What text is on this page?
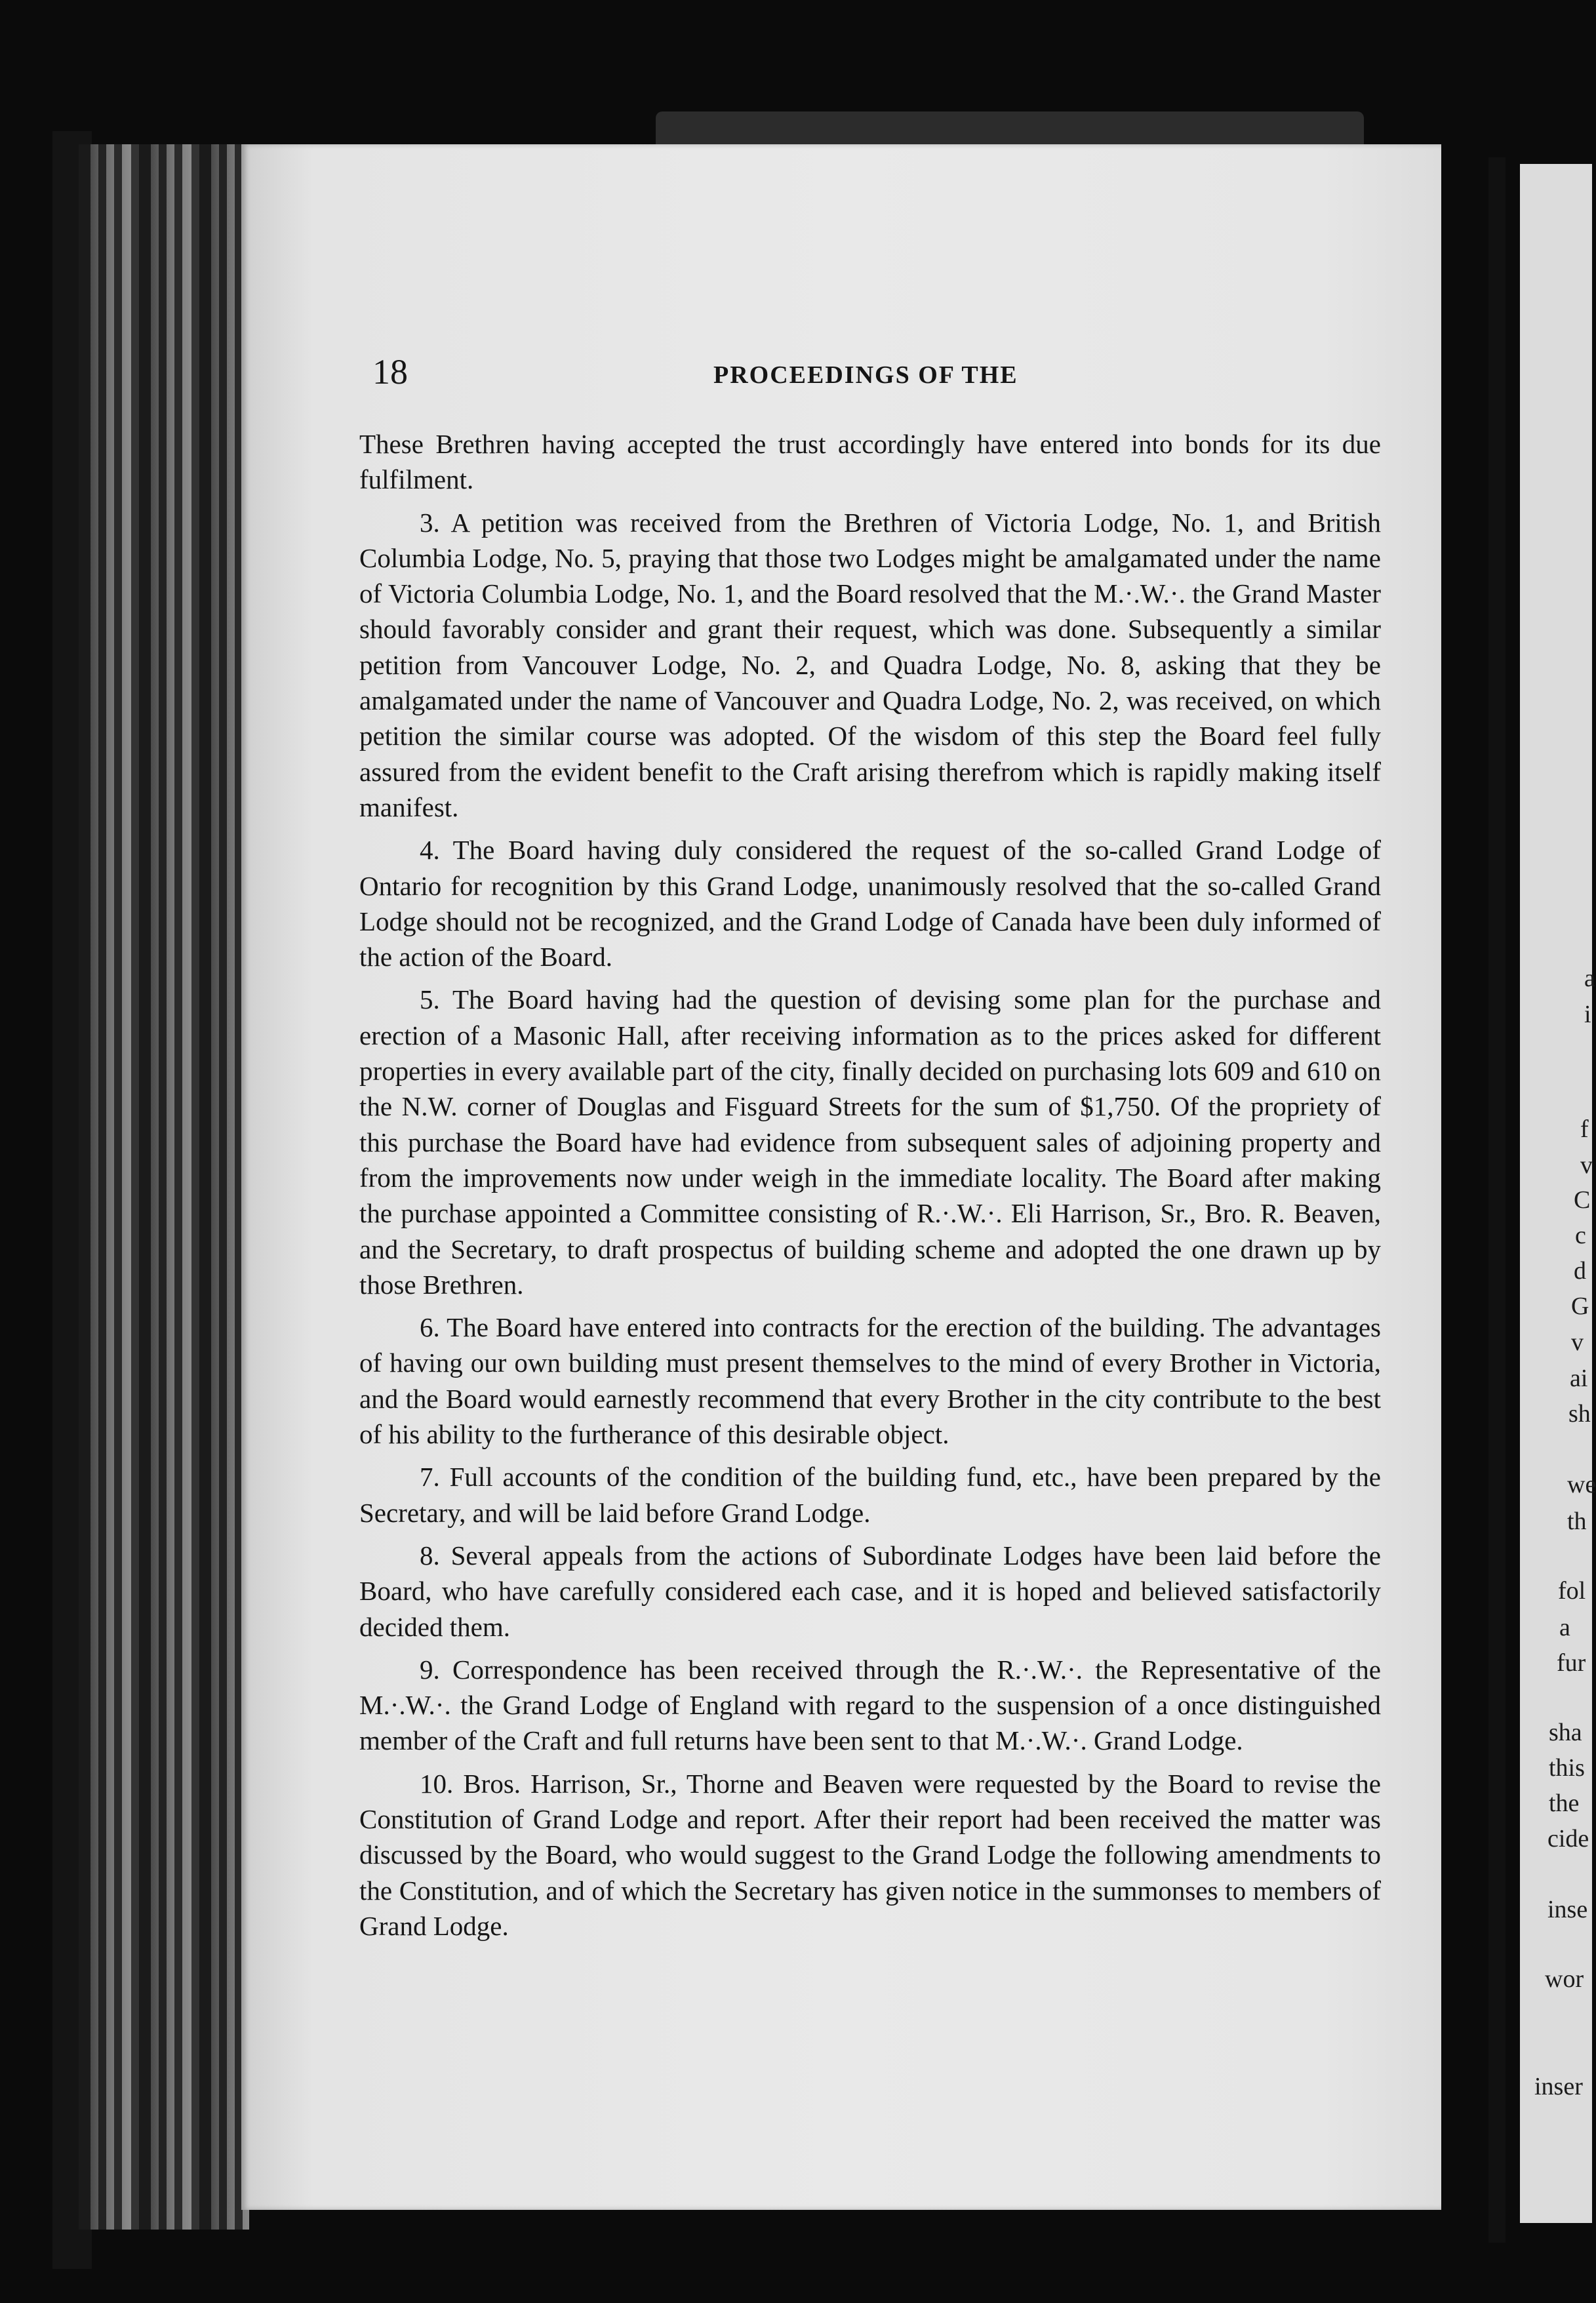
18	PROCEEDINGS OF THE

These Brethren having accepted the trust accordingly have entered into bonds for its due fulfilment.

3. A petition was received from the Brethren of Victoria Lodge, No. 1, and British Columbia Lodge, No. 5, praying that those two Lodges might be amalgamated under the name of Victoria Columbia Lodge, No. 1, and the Board resolved that the M.·.W.·. the Grand Master should favorably consider and grant their request, which was done. Subsequently a similar petition from Vancouver Lodge, No. 2, and Quadra Lodge, No. 8, asking that they be amalgamated under the name of Vancouver and Quadra Lodge, No. 2, was received, on which petition the similar course was adopted. Of the wisdom of this step the Board feel fully assured from the evident benefit to the Craft arising therefrom which is rapidly making itself manifest.

4. The Board having duly considered the request of the so-called Grand Lodge of Ontario for recognition by this Grand Lodge, unanimously resolved that the so-called Grand Lodge should not be recognized, and the Grand Lodge of Canada have been duly informed of the action of the Board.

5. The Board having had the question of devising some plan for the purchase and erection of a Masonic Hall, after receiving information as to the prices asked for different properties in every available part of the city, finally decided on purchasing lots 609 and 610 on the N.W. corner of Douglas and Fisguard Streets for the sum of $1,750. Of the propriety of this purchase the Board have had evidence from subsequent sales of adjoining property and from the improvements now under weigh in the immediate locality. The Board after making the purchase appointed a Committee consisting of R.·.W.·. Eli Harrison, Sr., Bro. R. Beaven, and the Secretary, to draft prospectus of building scheme and adopted the one drawn up by those Brethren.

6. The Board have entered into contracts for the erection of the building. The advantages of having our own building must present themselves to the mind of every Brother in Victoria, and the Board would earnestly recommend that every Brother in the city contribute to the best of his ability to the furtherance of this desirable object.

7. Full accounts of the condition of the building fund, etc., have been prepared by the Secretary, and will be laid before Grand Lodge.

8. Several appeals from the actions of Subordinate Lodges have been laid before the Board, who have carefully considered each case, and it is hoped and believed satisfactorily decided them.

9. Correspondence has been received through the R.·.W.·. the Representative of the M.·.W.·. the Grand Lodge of England with regard to the suspension of a once distinguished member of the Craft and full returns have been sent to that M.·.W.·. Grand Lodge.

10. Bros. Harrison, Sr., Thorne and Beaven were requested by the Board to revise the Constitution of Grand Lodge and report. After their report had been received the matter was discussed by the Board, who would suggest to the Grand Lodge the following amendments to the Constitution, and of which the Secretary has given notice in the summonses to members of Grand Lodge.

a
i
f
v
C
c
d
G
v
ai
sh
we
th
fol
a
fur
sha
this
the
cide
inse
wor
inser
